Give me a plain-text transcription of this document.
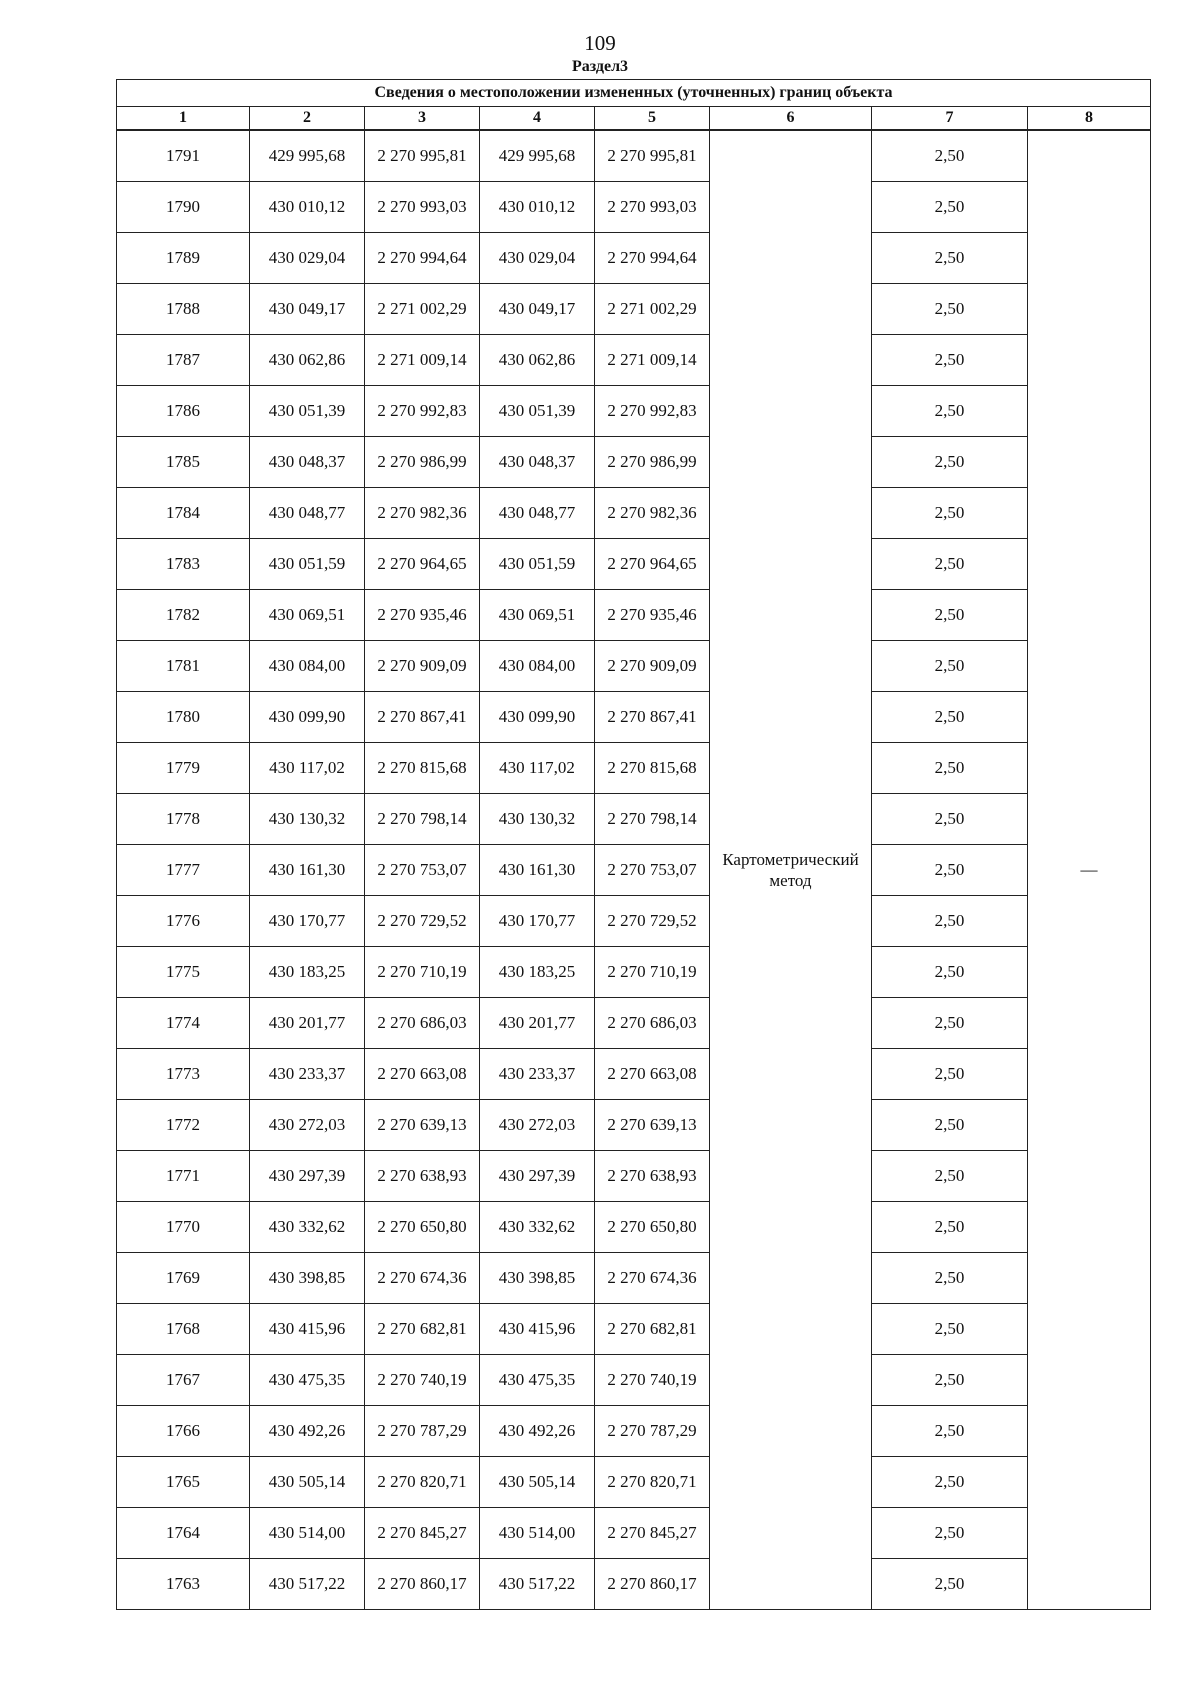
109
Раздел3
Сведения о местоположении измененных (уточненных) границ объекта							
1	2	3	4	5	6	7	8
1791	429 995,68	2 270 995,81	429 995,68	2 270 995,81	Картометрический метод	2,50	—
1790	430 010,12	2 270 993,03	430 010,12	2 270 993,03		2,50	
1789	430 029,04	2 270 994,64	430 029,04	2 270 994,64		2,50	
1788	430 049,17	2 271 002,29	430 049,17	2 271 002,29		2,50	
1787	430 062,86	2 271 009,14	430 062,86	2 271 009,14		2,50	
1786	430 051,39	2 270 992,83	430 051,39	2 270 992,83		2,50	
1785	430 048,37	2 270 986,99	430 048,37	2 270 986,99		2,50	
1784	430 048,77	2 270 982,36	430 048,77	2 270 982,36		2,50	
1783	430 051,59	2 270 964,65	430 051,59	2 270 964,65		2,50	
1782	430 069,51	2 270 935,46	430 069,51	2 270 935,46		2,50	
1781	430 084,00	2 270 909,09	430 084,00	2 270 909,09		2,50	
1780	430 099,90	2 270 867,41	430 099,90	2 270 867,41		2,50	
1779	430 117,02	2 270 815,68	430 117,02	2 270 815,68		2,50	
1778	430 130,32	2 270 798,14	430 130,32	2 270 798,14		2,50	
1777	430 161,30	2 270 753,07	430 161,30	2 270 753,07		2,50	
1776	430 170,77	2 270 729,52	430 170,77	2 270 729,52		2,50	
1775	430 183,25	2 270 710,19	430 183,25	2 270 710,19		2,50	
1774	430 201,77	2 270 686,03	430 201,77	2 270 686,03		2,50	
1773	430 233,37	2 270 663,08	430 233,37	2 270 663,08		2,50	
1772	430 272,03	2 270 639,13	430 272,03	2 270 639,13		2,50	
1771	430 297,39	2 270 638,93	430 297,39	2 270 638,93		2,50	
1770	430 332,62	2 270 650,80	430 332,62	2 270 650,80		2,50	
1769	430 398,85	2 270 674,36	430 398,85	2 270 674,36		2,50	
1768	430 415,96	2 270 682,81	430 415,96	2 270 682,81		2,50	
1767	430 475,35	2 270 740,19	430 475,35	2 270 740,19		2,50	
1766	430 492,26	2 270 787,29	430 492,26	2 270 787,29		2,50	
1765	430 505,14	2 270 820,71	430 505,14	2 270 820,71		2,50	
1764	430 514,00	2 270 845,27	430 514,00	2 270 845,27		2,50	
1763	430 517,22	2 270 860,17	430 517,22	2 270 860,17		2,50	
